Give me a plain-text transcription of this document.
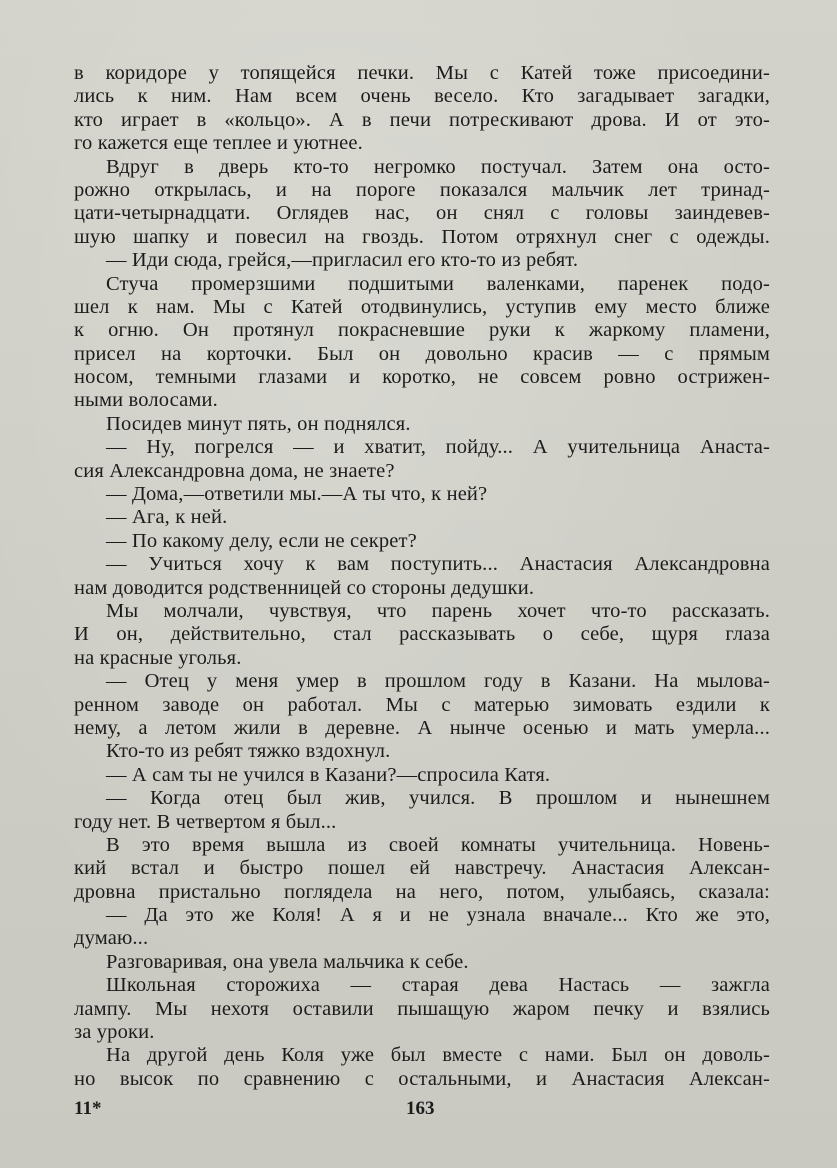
в коридоре у топящейся печки. Мы с Катей тоже присоедини-
лись к ним. Нам всем очень весело. Кто загадывает загадки,
кто играет в «кольцо». А в печи потрескивают дрова. И от это-
го кажется еще теплее и уютнее.
Вдруг в дверь кто-то негромко постучал. Затем она осто-
рожно открылась, и на пороге показался мальчик лет тринад-
цати-четырнадцати. Оглядев нас, он снял с головы заиндевев-
шую шапку и повесил на гвоздь. Потом отряхнул снег с одежды.
— Иди сюда, грейся,—пригласил его кто-то из ребят.
Стуча промерзшими подшитыми валенками, паренек подо-
шел к нам. Мы с Катей отодвинулись, уступив ему место ближе
к огню. Он протянул покрасневшие руки к жаркому пламени,
присел на корточки. Был он довольно красив — с прямым
носом, темными глазами и коротко, не совсем ровно острижен-
ными волосами.
Посидев минут пять, он поднялся.
— Ну, погрелся — и хватит, пойду... А учительница Анаста-
сия Александровна дома, не знаете?
— Дома,—ответили мы.—А ты что, к ней?
— Ага, к ней.
— По какому делу, если не секрет?
— Учиться хочу к вам поступить... Анастасия Александровна
нам доводится родственницей со стороны дедушки.
Мы молчали, чувствуя, что парень хочет что-то рассказать.
И он, действительно, стал рассказывать о себе, щуря глаза
на красные уголья.
— Отец у меня умер в прошлом году в Казани. На мылова-
ренном заводе он работал. Мы с матерью зимовать ездили к
нему, а летом жили в деревне. А нынче осенью и мать умерла...
Кто-то из ребят тяжко вздохнул.
— А сам ты не учился в Казани?—спросила Катя.
— Когда отец был жив, учился. В прошлом и нынешнем
году нет. В четвертом я был...
В это время вышла из своей комнаты учительница. Новень-
кий встал и быстро пошел ей навстречу. Анастасия Алексан-
дровна пристально поглядела на него, потом, улыбаясь, сказала:
— Да это же Коля! А я и не узнала вначале... Кто же это,
думаю...
Разговаривая, она увела мальчика к себе.
Школьная сторожиха — старая дева Настась — зажгла
лампу. Мы нехотя оставили пышащую жаром печку и взялись
за уроки.
На другой день Коля уже был вместе с нами. Был он доволь-
но высок по сравнению с остальными, и Анастасия Алексан-
11*	163
